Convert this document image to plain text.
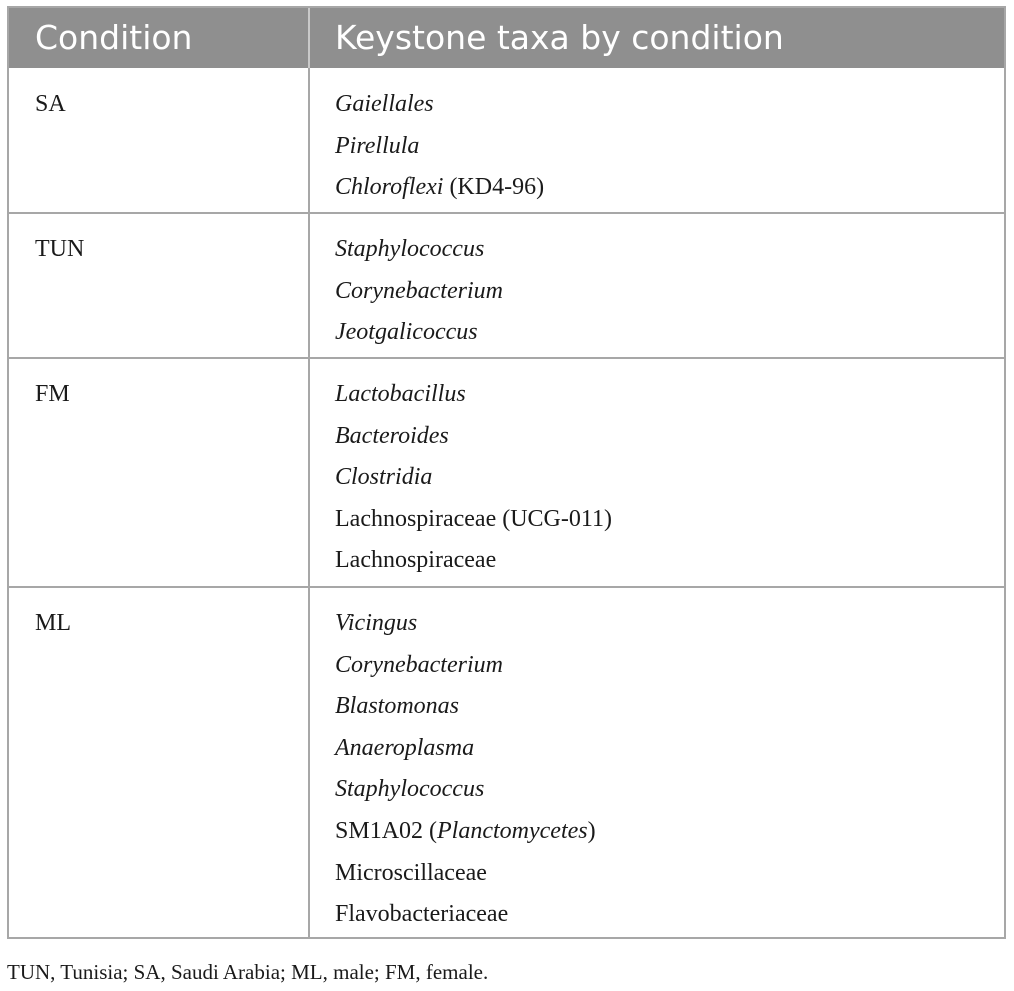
Condition	Keystone taxa by condition
SA	Gaiellales
Pirellula
Chloroflexi (KD4-96)
TUN	Staphylococcus
Corynebacterium
Jeotgalicoccus
FM	Lactobacillus
Bacteroides
Clostridia
Lachnospiraceae (UCG-011)
Lachnospiraceae
ML	Vicingus
Corynebacterium
Blastomonas
Anaeroplasma
Staphylococcus
SM1A02 (Planctomycetes)
Microscillaceae
Flavobacteriaceae
TUN, Tunisia; SA, Saudi Arabia; ML, male; FM, female.
